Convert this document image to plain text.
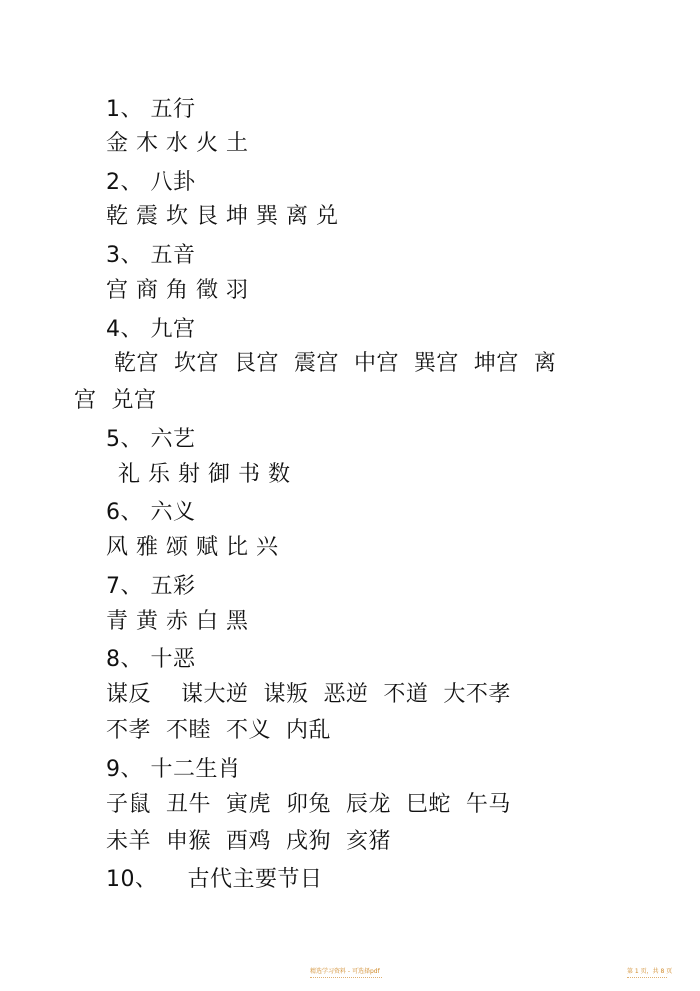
1、 五行
金 木 水 火 土
2、 八卦
乾 震 坎 艮 坤 巽 离 兑
3、 五音
宫 商 角 徵 羽
4、 九宫
乾宫  坎宫  艮宫  震宫  中宫  巽宫  坤宫  离
宫  兑宫
5、 六艺
礼 乐 射 御 书 数
6、 六义
风 雅 颂 赋 比 兴
7、 五彩
青 黄 赤 白 黑
8、 十恶
谋反    谋大逆  谋叛  恶逆  不道  大不孝
不孝  不睦  不义  内乱
9、 十二生肖
子鼠  丑牛  寅虎  卯兔  辰龙  巳蛇  午马
未羊  申猴  酉鸡  戌狗  亥猪
10、    古代主要节日
精选学习资料 - 可选择pdf	第 1 页，共 8 页
